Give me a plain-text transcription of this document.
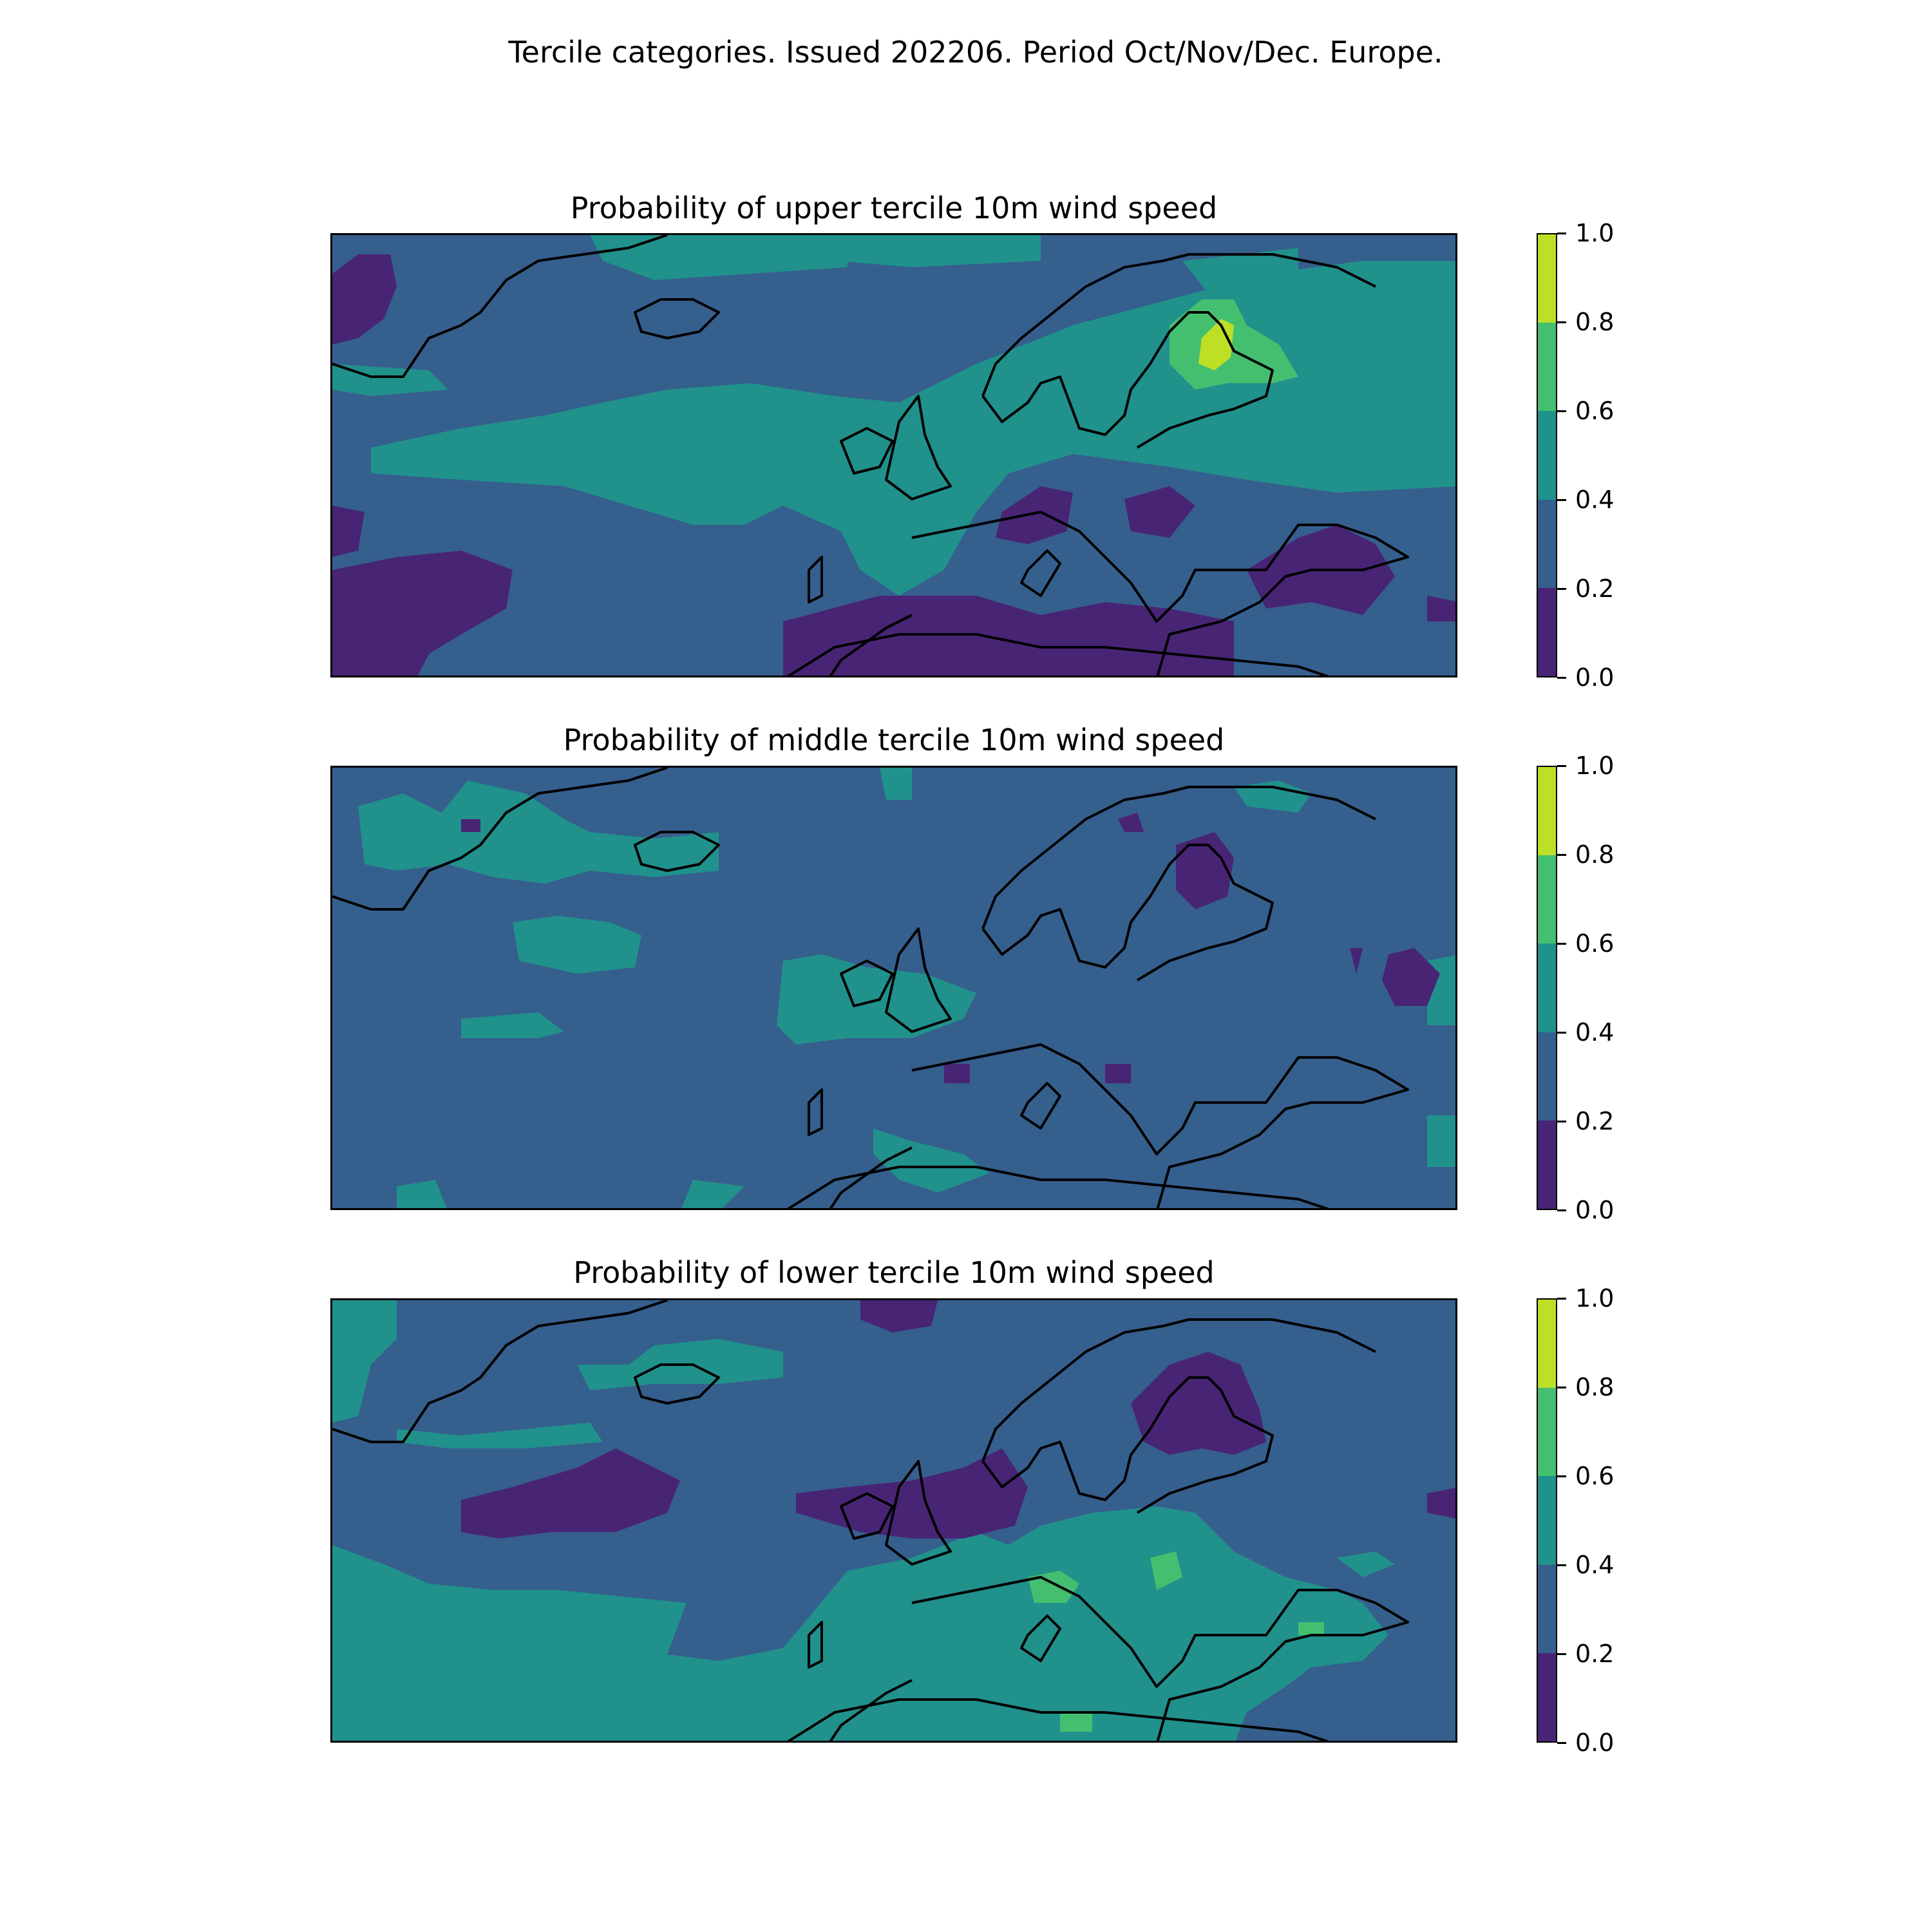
Tercile categories. Issued 202206. Period Oct/Nov/Dec. Europe.
Probability of upper tercile 10m wind speed
Probability of middle tercile 10m wind speed
Probability of lower tercile 10m wind speed
0.0
0.2
0.4
0.6
0.8
1.0
0.0
0.2
0.4
0.6
0.8
1.0
0.0
0.2
0.4
0.6
0.8
1.0
